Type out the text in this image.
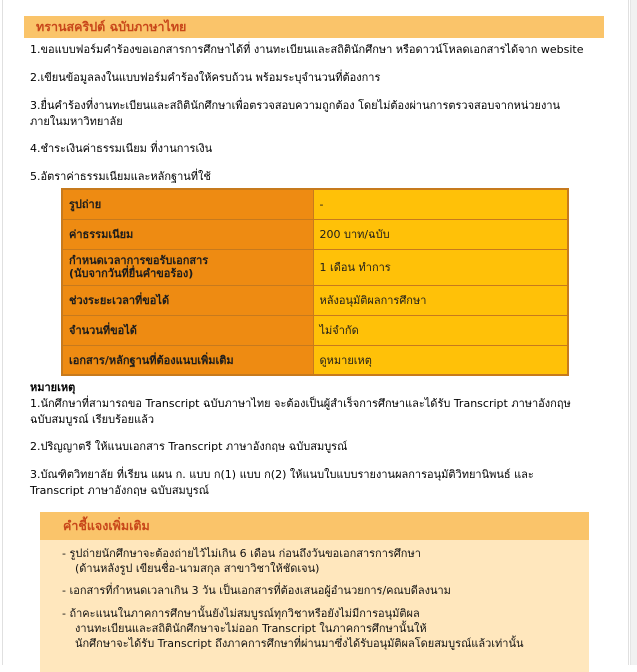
ทรานสคริปต์ ฉบับภาษาไทย
1.ขอแบบฟอร์มคำร้องขอเอกสารการศึกษาได้ที่ งานทะเบียนและสถิตินักศึกษา หรือดาวน์โหลดเอกสารได้จาก website
2.เขียนข้อมูลลงในแบบฟอร์มคำร้องให้ครบถ้วน พร้อมระบุจำนวนที่ต้องการ
3.ยื่นคำร้องที่งานทะเบียนและสถิตินักศึกษาเพื่อตรวจสอบความถูกต้อง โดยไม่ต้องผ่านการตรวจสอบจากหน่วยงาน
ภายในมหาวิทยาลัย
4.ชำระเงินค่าธรรมเนียม ที่งานการเงิน
5.อัตราค่าธรรมเนียมและหลักฐานที่ใช้
รูปถ่าย	-
ค่าธรรมเนียม	200 บาท/ฉบับ

กำหนดเวลาการขอรับเอกสาร
(นับจากวันที่ยื่นคำขอร้อง)	1 เดือน ทำการ
ช่วงระยะเวลาที่ขอได้	หลังอนุมัติผลการศึกษา
จำนวนที่ขอได้	ไม่จำกัด
เอกสาร/หลักฐานที่ต้องแนบเพิ่มเติม	ดูหมายเหตุ
หมายเหตุ
1.นักศึกษาที่สามารถขอ Transcript ฉบับภาษาไทย จะต้องเป็นผู้สำเร็จการศึกษาและได้รับ Transcript ภาษาอังกฤษ
ฉบับสมบูรณ์ เรียบร้อยแล้ว
2.ปริญญาตรี ให้แนบเอกสาร Transcript ภาษาอังกฤษ ฉบับสมบูรณ์
3.บัณฑิตวิทยาลัย ที่เรียน แผน ก. แบบ ก(1) แบบ ก(2) ให้แนบใบแบบรายงานผลการอนุมัติวิทยานิพนธ์ และ
Transcript ภาษาอังกฤษ ฉบับสมบูรณ์
คำชี้แจงเพิ่มเติม
- รูปถ่ายนักศึกษาจะต้องถ่ายไว้ไม่เกิน 6 เดือน ก่อนถึงวันขอเอกสารการศึกษา
(ด้านหลังรูป เขียนชื่อ-นามสกุล สาขาวิชาให้ชัดเจน)
- เอกสารที่กำหนดเวลาเกิน 3 วัน เป็นเอกสารที่ต้องเสนอผู้อำนวยการ/คณบดีลงนาม
- ถ้าคะแนนในภาคการศึกษานั้นยังไม่สมบูรณ์ทุกวิชาหรือยังไม่มีการอนุมัติผล
งานทะเบียนและสถิตินักศึกษาจะไม่ออก Transcript ในภาคการศึกษานั้นให้
นักศึกษาจะได้รับ Transcript ถึงภาคการศึกษาที่ผ่านมาซึ่งได้รับอนุมัติผลโดยสมบูรณ์แล้วเท่านั้น
